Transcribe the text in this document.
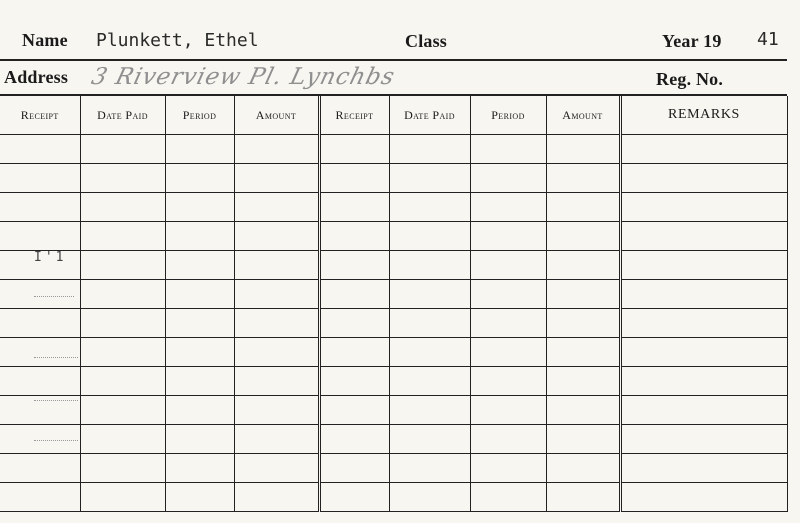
Name Plunkett, Ethel	Class	Year 19 41
Address 3 Riverview Pl. Lynchbs	Reg. No.
Receipt	Date Paid	Period	Amount	Receipt	Date Paid	Period	Amount	REMARKS

I'1
